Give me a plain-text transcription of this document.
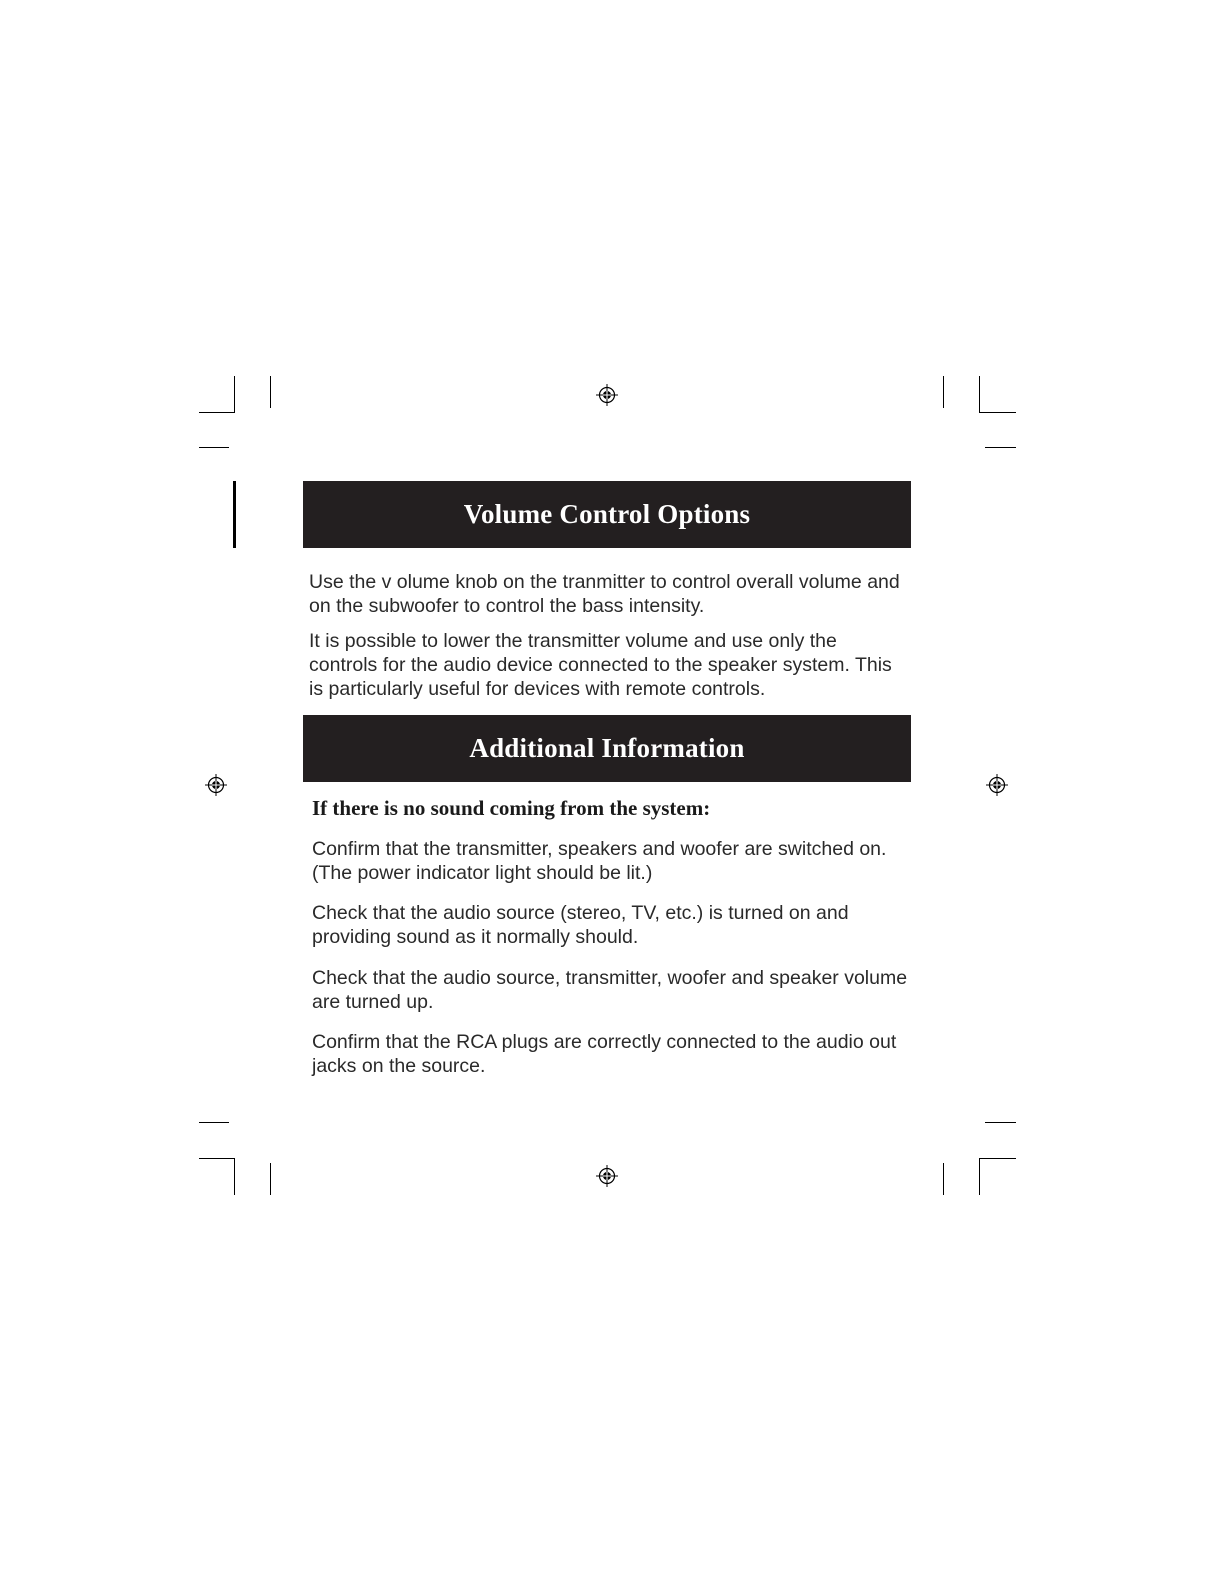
Volume Control Options

Use the v olume knob on the tranmitter to control overall volume and on the subwoofer to control the bass intensity.

It is possible to lower the transmitter volume and use only the controls for the audio device connected to the speaker system. This is particularly useful for devices with remote controls.

Additional Information

If there is no sound coming from the system:

Confirm that the transmitter, speakers and woofer are switched on. (The power indicator light should be lit.)

Check that the audio source (stereo, TV, etc.) is turned on and providing sound as it normally should.

Check that the audio source, transmitter, woofer and speaker volume are turned up.

Confirm that the RCA plugs are correctly connected to the audio out jacks on the source.
